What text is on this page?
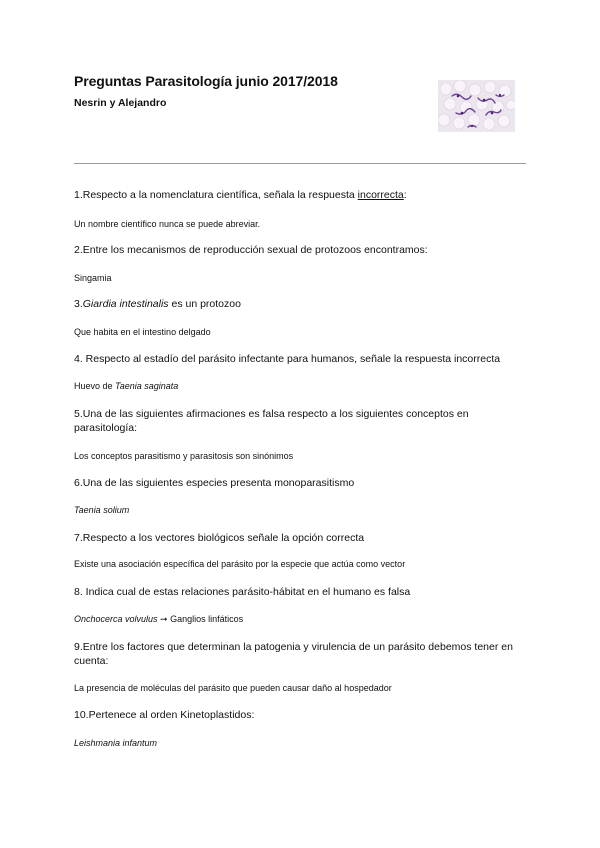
Preguntas Parasitología junio 2017/2018
Nesrin y Alejandro
1.Respecto a la nomenclatura científica, señala la respuesta incorrecta:
Un nombre científico nunca se puede abreviar.
2.Entre los mecanismos de reproducción sexual de protozoos encontramos:
Singamia
3.Giardia intestinalis es un protozoo
Que habita en el intestino delgado
4. Respecto al estadío del parásito infectante para humanos, señale la respuesta incorrecta
Huevo de Taenia saginata
5.Una de las siguientes afirmaciones es falsa respecto a los siguientes conceptos en parasitología:
Los conceptos parasitismo y parasitosis son sinónimos
6.Una de las siguientes especies presenta monoparasitismo
Taenia solium
7.Respecto a los vectores biológicos señale la opción correcta
Existe una asociación específica del parásito por la especie que actúa como vector
8. Indica cual de estas relaciones parásito-hábitat en el humano es falsa
Onchocerca volvulus ➞ Ganglios linfáticos
9.Entre los factores que determinan la patogenia y virulencia de un parásito debemos tener en cuenta:
La presencia de moléculas del parásito que pueden causar daño al hospedador
10.Pertenece al orden Kinetoplastidos:
Leishmania infantum
